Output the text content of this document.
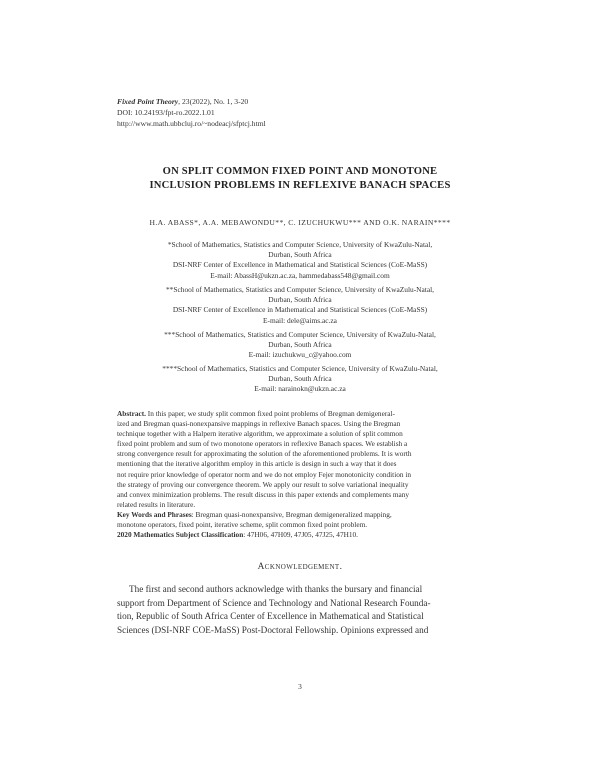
Fixed Point Theory, 23(2022), No. 1, 3-20
DOI: 10.24193/fpt-ro.2022.1.01
http://www.math.ubbcluj.ro/~nodeacj/sfptcj.html
ON SPLIT COMMON FIXED POINT AND MONOTONE
INCLUSION PROBLEMS IN REFLEXIVE BANACH SPACES
H.A. ABASS*, A.A. MEBAWONDU**, C. IZUCHUKWU*** AND O.K. NARAIN****
*School of Mathematics, Statistics and Computer Science, University of KwaZulu-Natal,
Durban, South Africa
DSI-NRF Center of Excellence in Mathematical and Statistical Sciences (CoE-MaSS)
E-mail: AbassH@ukzn.ac.za, hammedabass548@gmail.com
**School of Mathematics, Statistics and Computer Science, University of KwaZulu-Natal,
Durban, South Africa
DSI-NRF Center of Excellence in Mathematical and Statistical Sciences (CoE-MaSS)
E-mail: dele@aims.ac.za
***School of Mathematics, Statistics and Computer Science, University of KwaZulu-Natal,
Durban, South Africa
E-mail: izuchukwu_c@yahoo.com
****School of Mathematics, Statistics and Computer Science, University of KwaZulu-Natal,
Durban, South Africa
E-mail: narainokn@ukzn.ac.za
Abstract. In this paper, we study split common fixed point problems of Bregman demigeneral-
ized and Bregman quasi-nonexpansive mappings in reflexive Banach spaces. Using the Bregman
technique together with a Halpern iterative algorithm, we approximate a solution of split common
fixed point problem and sum of two monotone operators in reflexive Banach spaces. We establish a
strong convergence result for approximating the solution of the aforementioned problems. It is worth
mentioning that the iterative algorithm employ in this article is design in such a way that it does
not require prior knowledge of operator norm and we do not employ Fejer monotonicity condition in
the strategy of proving our convergence theorem. We apply our result to solve variational inequality
and convex minimization problems. The result discuss in this paper extends and complements many
related results in literature.
Key Words and Phrases: Bregman quasi-nonexpansive, Bregman demigeneralized mapping,
monotone operators, fixed point, iterative scheme, split common fixed point problem.
2020 Mathematics Subject Classification: 47H06, 47H09, 47J05, 47J25, 47H10.
Acknowledgement.
The first and second authors acknowledge with thanks the bursary and financial
support from Department of Science and Technology and National Research Founda-
tion, Republic of South Africa Center of Excellence in Mathematical and Statistical
Sciences (DSI-NRF COE-MaSS) Post-Doctoral Fellowship. Opinions expressed and
3
